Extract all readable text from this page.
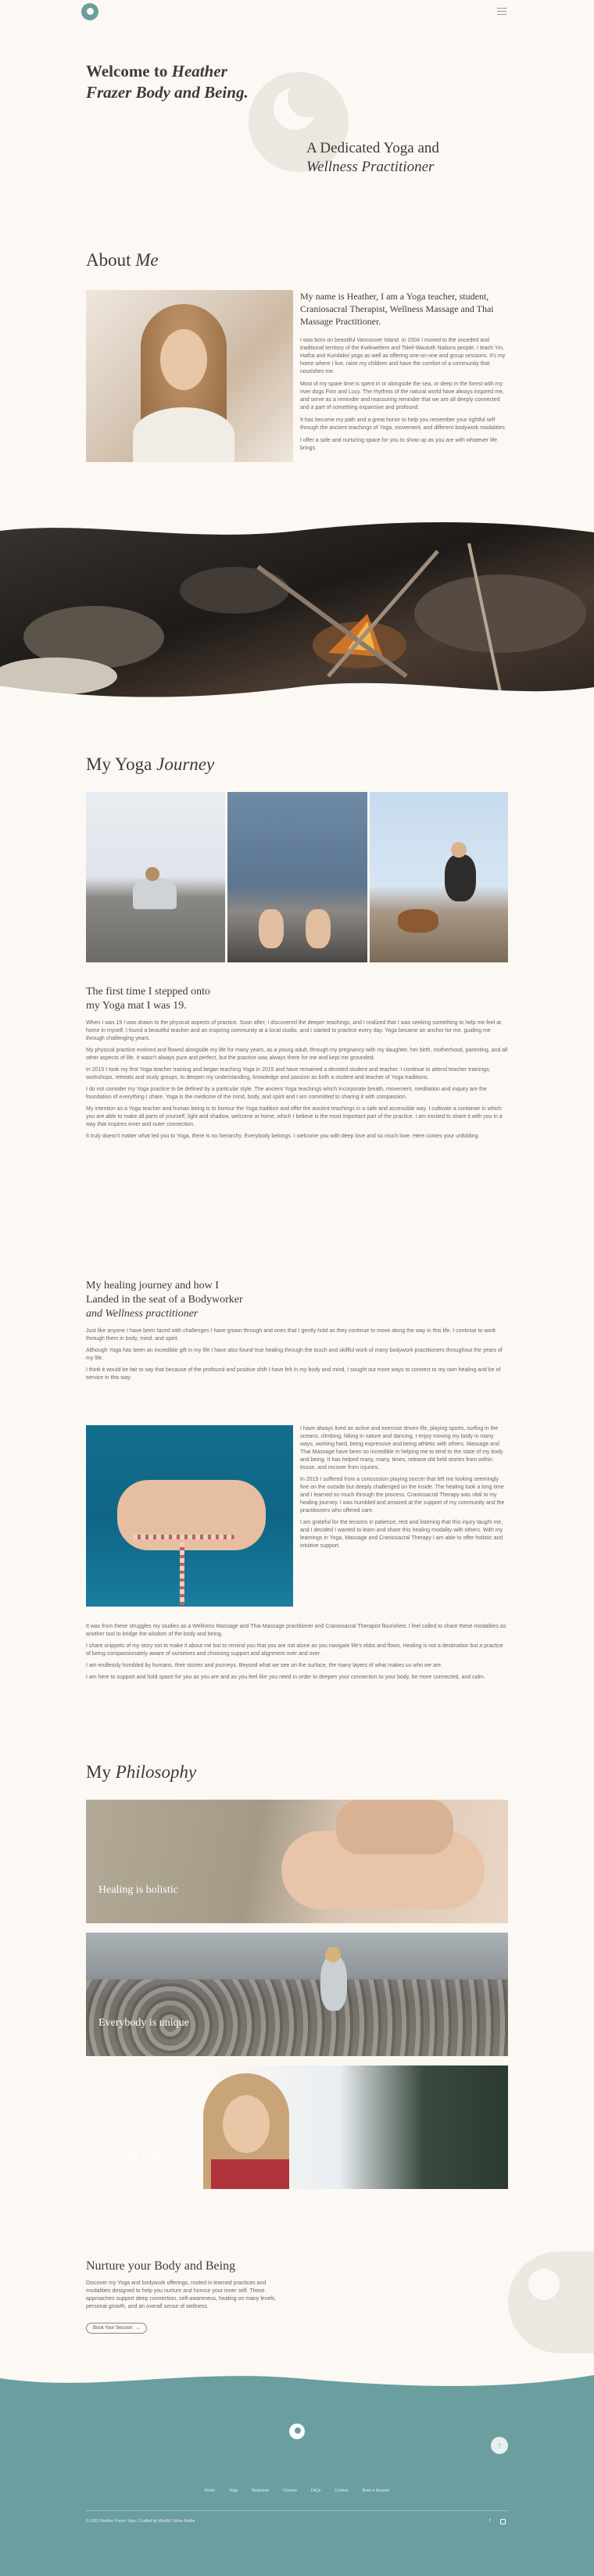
Welcome to Heather
Frazer Body and Being.
A Dedicated Yoga and
Wellness Practitioner
About Me
My name is Heather, I am a Yoga teacher, student, Craniosacral Therapist, Wellness Massage and Thai Massage Practitioner.

I was born on beautiful Vancouver Island. In 2004 I moved to the unceded and traditional territory of the Kwikwetlem and Tsleil-Waututh Nations people. I teach Yin, Hatha and Kundalini yoga as well as offering one-on-one and group sessions. It's my home where I live, raise my children and have the comfort of a community that nourishes me.

Most of my spare time is spent in or alongside the sea, or deep in the forest with my river dogs Finn and Lucy. The rhythms of the natural world have always inspired me, and serve as a reminder and reassuring reminder that we are all deeply connected and a part of something expansive and profound.

It has become my path and a great honor to help you remember your rightful self through the ancient teachings of Yoga, movement, and different bodywork modalities.

I offer a safe and nurturing space for you to show up as you are with whatever life brings.

My Yoga Journey
The first time I stepped onto
my Yoga mat I was 19.

When I was 19 I was drawn to the physical aspects of practice. Soon after, I discovered the deeper teachings, and I realized that I was seeking something to help me feel at home in myself. I found a beautiful teacher and an inspiring community at a local studio, and I started to practice every day. Yoga became an anchor for me, guiding me through challenging years.

My physical practice evolved and flowed alongside my life for many years, as a young adult, through my pregnancy with my daughter, her birth, motherhood, parenting, and all other aspects of life. It wasn't always pure and perfect, but the practice was always there for me and kept me grounded.

In 2015 I took my first Yoga teacher training and began teaching Yoga in 2015 and have remained a devoted student and teacher. I continue to attend teacher trainings, workshops, retreats and study groups, to deepen my understanding, knowledge and passion as both a student and teacher of Yoga traditions.

I do not consider my Yoga practice to be defined by a particular style. The ancient Yoga teachings which incorporate breath, movement, meditation and inquiry are the foundation of everything I share. Yoga is the medicine of the mind, body, and spirit and I am committed to sharing it with compassion.

My intention as a Yoga teacher and human being is to honour the Yoga tradition and offer the ancient teachings in a safe and accessible way. I cultivate a container in which you are able to make all parts of yourself, light and shadow, welcome at home, which I believe is the most important part of the practice. I am excited to share it with you in a way that inspires inner and outer connection.

It truly doesn't matter what led you to Yoga, there is no hierarchy. Everybody belongs. I welcome you with deep love and so much love. Here comes your unfolding.

My healing journey and how I
Landed in the seat of a Bodyworker
and Wellness practitioner

Just like anyone I have been faced with challenges I have grown through and ones that I gently hold as they continue to move along the way in this life. I continue to work through them in body, mind, and spirit.

Although Yoga has been an incredible gift in my life I have also found true healing through the touch and skillful work of many bodywork practitioners throughout the years of my life.

I think it would be fair to say that because of the profound and positive shift I have felt in my body and mind, I sought out more ways to connect to my own healing and be of service in this way.

I have always lived an active and exercise driven life, playing sports, surfing in the oceans, climbing, hiking in nature and dancing. I enjoy moving my body in many ways, working hard, being expressive and being athletic with others. Massage and Thai Massage have been so incredible in helping me to tend to the state of my body and being. It has helped many, many, times, release old held stories from within tissue, and recover from injuries.

In 2015 I suffered from a concussion playing soccer that left me looking seemingly fine on the outside but deeply challenged on the inside. The healing took a long time and I learned so much through the process. Craniosacral Therapy was vital to my healing journey. I was humbled and amazed at the support of my community and the practitioners who offered care.

I am grateful for the lessons in patience, rest and listening that this injury taught me, and I decided I wanted to learn and share this healing modality with others. With my learnings in Yoga, Massage and Craniosacral Therapy I am able to offer holistic and intuitive support.

It was from these struggles my studies as a Wellness Massage and Thai Massage practitioner and Craniosacral Therapist flourished. I feel called to share these modalities as another tool to bridge the wisdom of the body and being.

I share snippets of my story not to make it about me but to remind you that you are not alone as you navigate life's ebbs and flows. Healing is not a destination but a practice of being compassionately aware of ourselves and choosing support and alignment over and over.

I am endlessly humbled by humans, their stories and journeys. Beyond what we see on the surface, the many layers of what makes us who we are.

I am here to support and hold space for you as you are and as you feel like you need in order to deepen your connection to your body, be more connected, and calm.

My Philosophy
Healing is holistic
Everybody is unique
Curiosity is key
Nurture your Body and Being

Discover my Yoga and bodywork offerings, rooted in learned practices and modalities designed to help you nurture and honour your inner self. These approaches support deep connection, self-awareness, healing on many levels, personal growth, and an overall sense of wellness.

Book Your Session →
↑
Home	Yoga	Bodywork	Classes	FAQs	Contact	Book a Session
© 2023 Heather Frazer Yoga | Crafted by Mindful Online Media	f
